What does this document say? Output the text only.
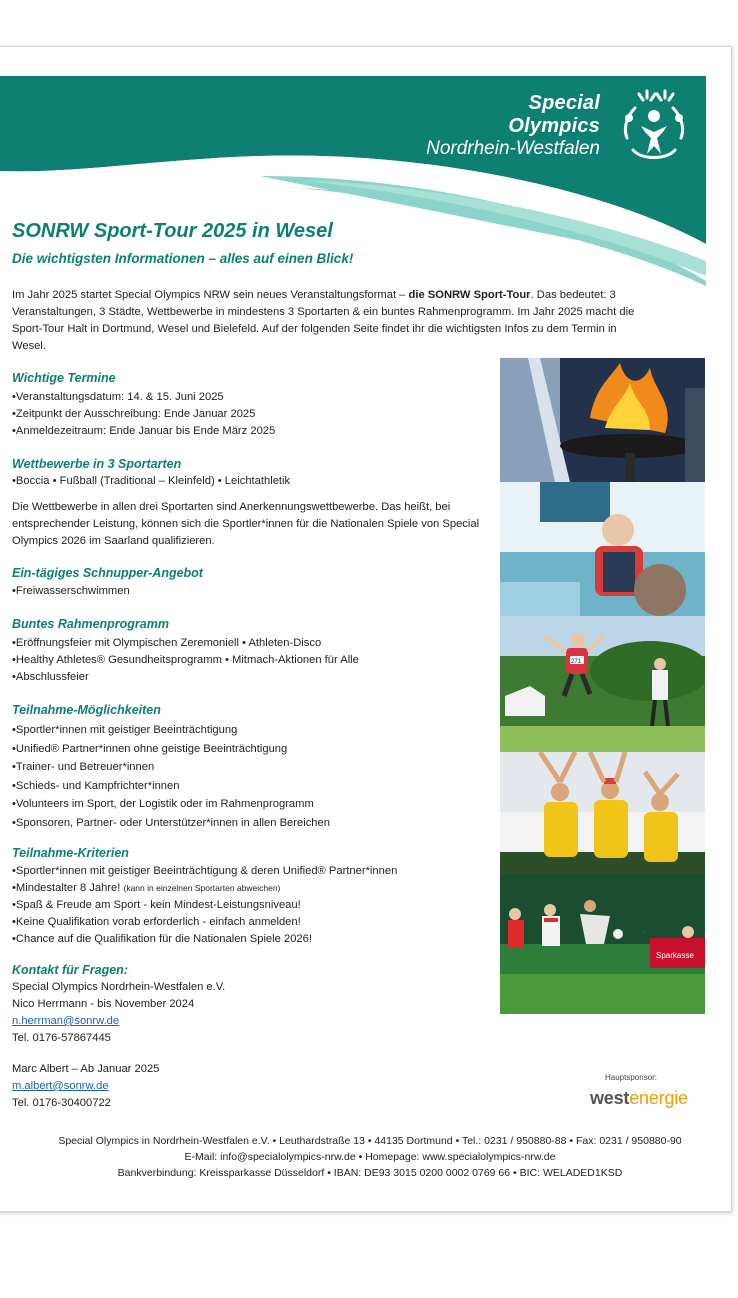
Special
Olympics
Nordrhein-Westfalen
SONRW Sport-Tour 2025 in Wesel
Die wichtigsten Informationen – alles auf einen Blick!

Im Jahr 2025 startet Special Olympics NRW sein neues Veranstaltungsformat – die SONRW Sport-Tour. Das bedeutet: 3 Veranstaltungen, 3 Städte, Wettbewerbe in mindestens 3 Sportarten & ein buntes Rahmenprogramm. Im Jahr 2025 macht die Sport-Tour Halt in Dortmund, Wesel und Bielefeld. Auf der folgenden Seite findet ihr die wichtigsten Infos zu dem Termin in Wesel.

Wichtige Termine
• Veranstaltungsdatum: 14. & 15. Juni 2025
• Zeitpunkt der Ausschreibung: Ende Januar 2025
• Anmeldezeitraum: Ende Januar bis Ende März 2025
Wettbewerbe in 3 Sportarten
• Boccia • Fußball (Traditional – Kleinfeld) • Leichtathletik

Die Wettbewerbe in allen drei Sportarten sind Anerkennungswettbewerbe. Das heißt, bei entsprechender Leistung, können sich die Sportler*innen für die Nationalen Spiele von Special Olympics 2026 im Saarland qualifizieren.

Ein-tägiges Schnupper-Angebot
• Freiwasserschwimmen
Buntes Rahmenprogramm
• Eröffnungsfeier mit Olympischen Zeremoniell • Athleten-Disco
• Healthy Athletes® Gesundheitsprogramm • Mitmach-Aktionen für Alle
• Abschlussfeier
Teilnahme-Möglichkeiten
• Sportler*innen mit geistiger Beeinträchtigung
• Unified® Partner*innen ohne geistige Beeinträchtigung
• Trainer- und Betreuer*innen
• Schieds- und Kampfrichter*innen
• Volunteers im Sport, der Logistik oder im Rahmenprogramm
• Sponsoren, Partner- oder Unterstützer*innen in allen Bereichen
Teilnahme-Kriterien
• Sportler*innen mit geistiger Beeinträchtigung & deren Unified® Partner*innen
• Mindestalter 8 Jahre! (kann in einzelnen Sportarten abweichen)
• Spaß & Freude am Sport - kein Mindest-Leistungsniveau!
• Keine Qualifikation vorab erforderlich - einfach anmelden!
• Chance auf die Qualifikation für die Nationalen Spiele 2026!
Kontakt für Fragen:
Special Olympics Nordrhein-Westfalen e.V.
Nico Herrmann - bis November 2024
n.herrman@sonrw.de
Tel. 0176-57867445
Marc Albert – Ab Januar 2025
m.albert@sonrw.de
Tel. 0176-30400722
271
Sparkasse
Hauptsponsor:
westenergie
Special Olympics in Nordrhein-Westfalen e.V. • Leuthardstraße 13 • 44135 Dortmund • Tel.: 0231 / 950880-88 • Fax: 0231 / 950880-90
E-Mail: info@specialolympics-nrw.de • Homepage: www.specialolympics-nrw.de
Bankverbindung: Kreissparkasse Düsseldorf • IBAN: DE93 3015 0200 0002 0769 66 • BIC: WELADED1KSD
